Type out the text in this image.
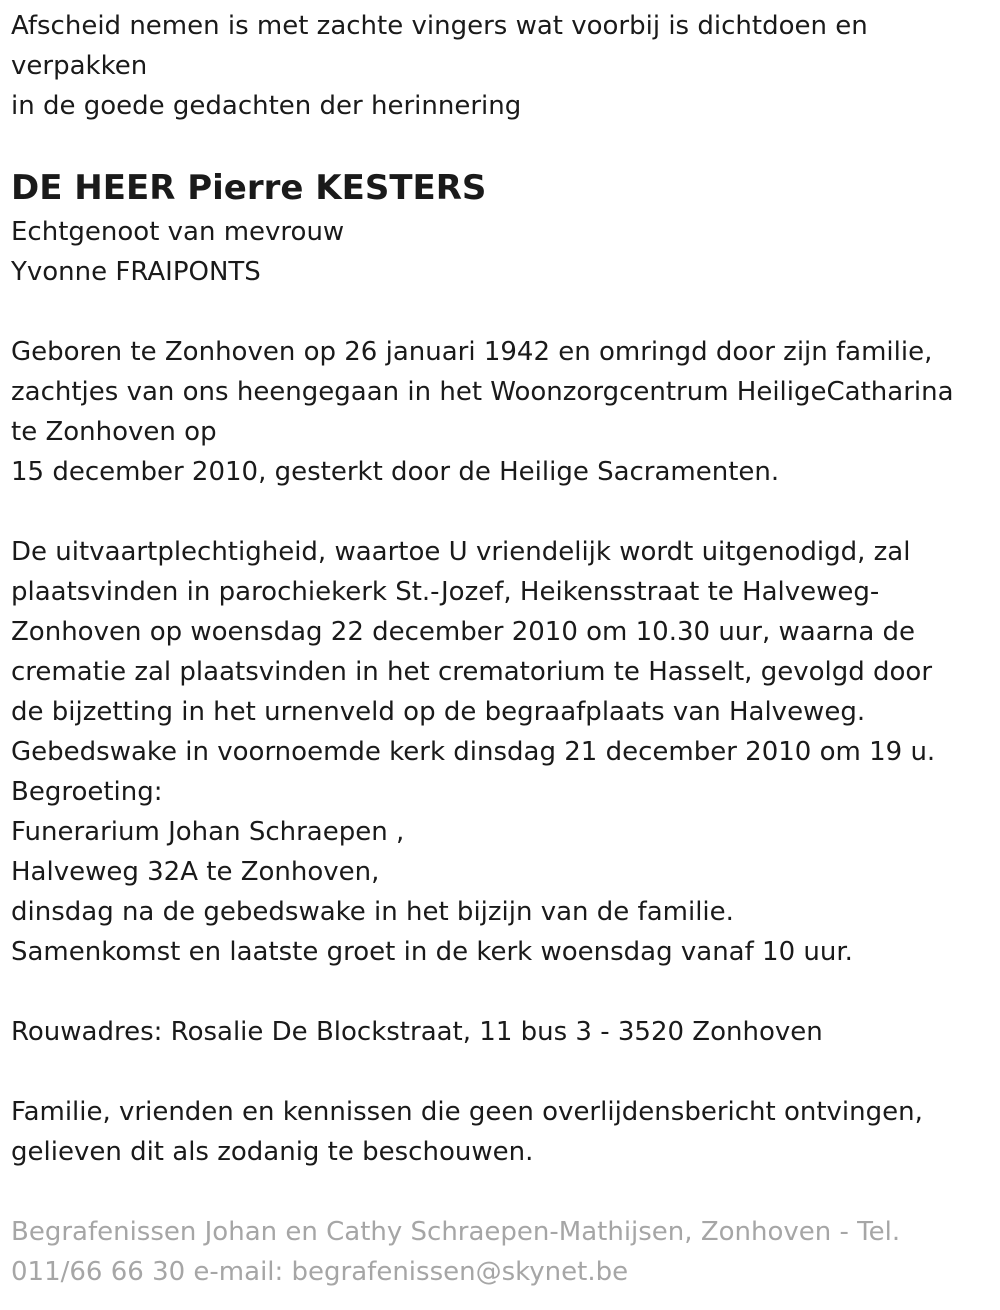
Afscheid nemen is met zachte vingers wat voorbij is dichtdoen en
verpakken
in de goede gedachten der herinnering
DE HEER Pierre KESTERS
Echtgenoot van mevrouw
Yvonne FRAIPONTS
Geboren te Zonhoven op 26 januari 1942 en omringd door zijn familie,
zachtjes van ons heengegaan in het Woonzorgcentrum HeiligeCatharina
te Zonhoven op
15 december 2010, gesterkt door de Heilige Sacramenten.
De uitvaartplechtigheid, waartoe U vriendelijk wordt uitgenodigd, zal
plaatsvinden in parochiekerk St.-Jozef, Heikensstraat te Halveweg-
Zonhoven op woensdag 22 december 2010 om 10.30 uur, waarna de
crematie zal plaatsvinden in het crematorium te Hasselt, gevolgd door
de bijzetting in het urnenveld op de begraafplaats van Halveweg.
Gebedswake in voornoemde kerk dinsdag 21 december 2010 om 19 u.
Begroeting:
Funerarium Johan Schraepen ,
Halveweg 32A te Zonhoven,
dinsdag na de gebedswake in het bijzijn van de familie.
Samenkomst en laatste groet in de kerk woensdag vanaf 10 uur.
Rouwadres: Rosalie De Blockstraat, 11 bus 3 - 3520 Zonhoven
Familie, vrienden en kennissen die geen overlijdensbericht ontvingen,
gelieven dit als zodanig te beschouwen.
Begrafenissen Johan en Cathy Schraepen-Mathijsen, Zonhoven - Tel.
011/66 66 30 e-mail: begrafenissen@skynet.be
